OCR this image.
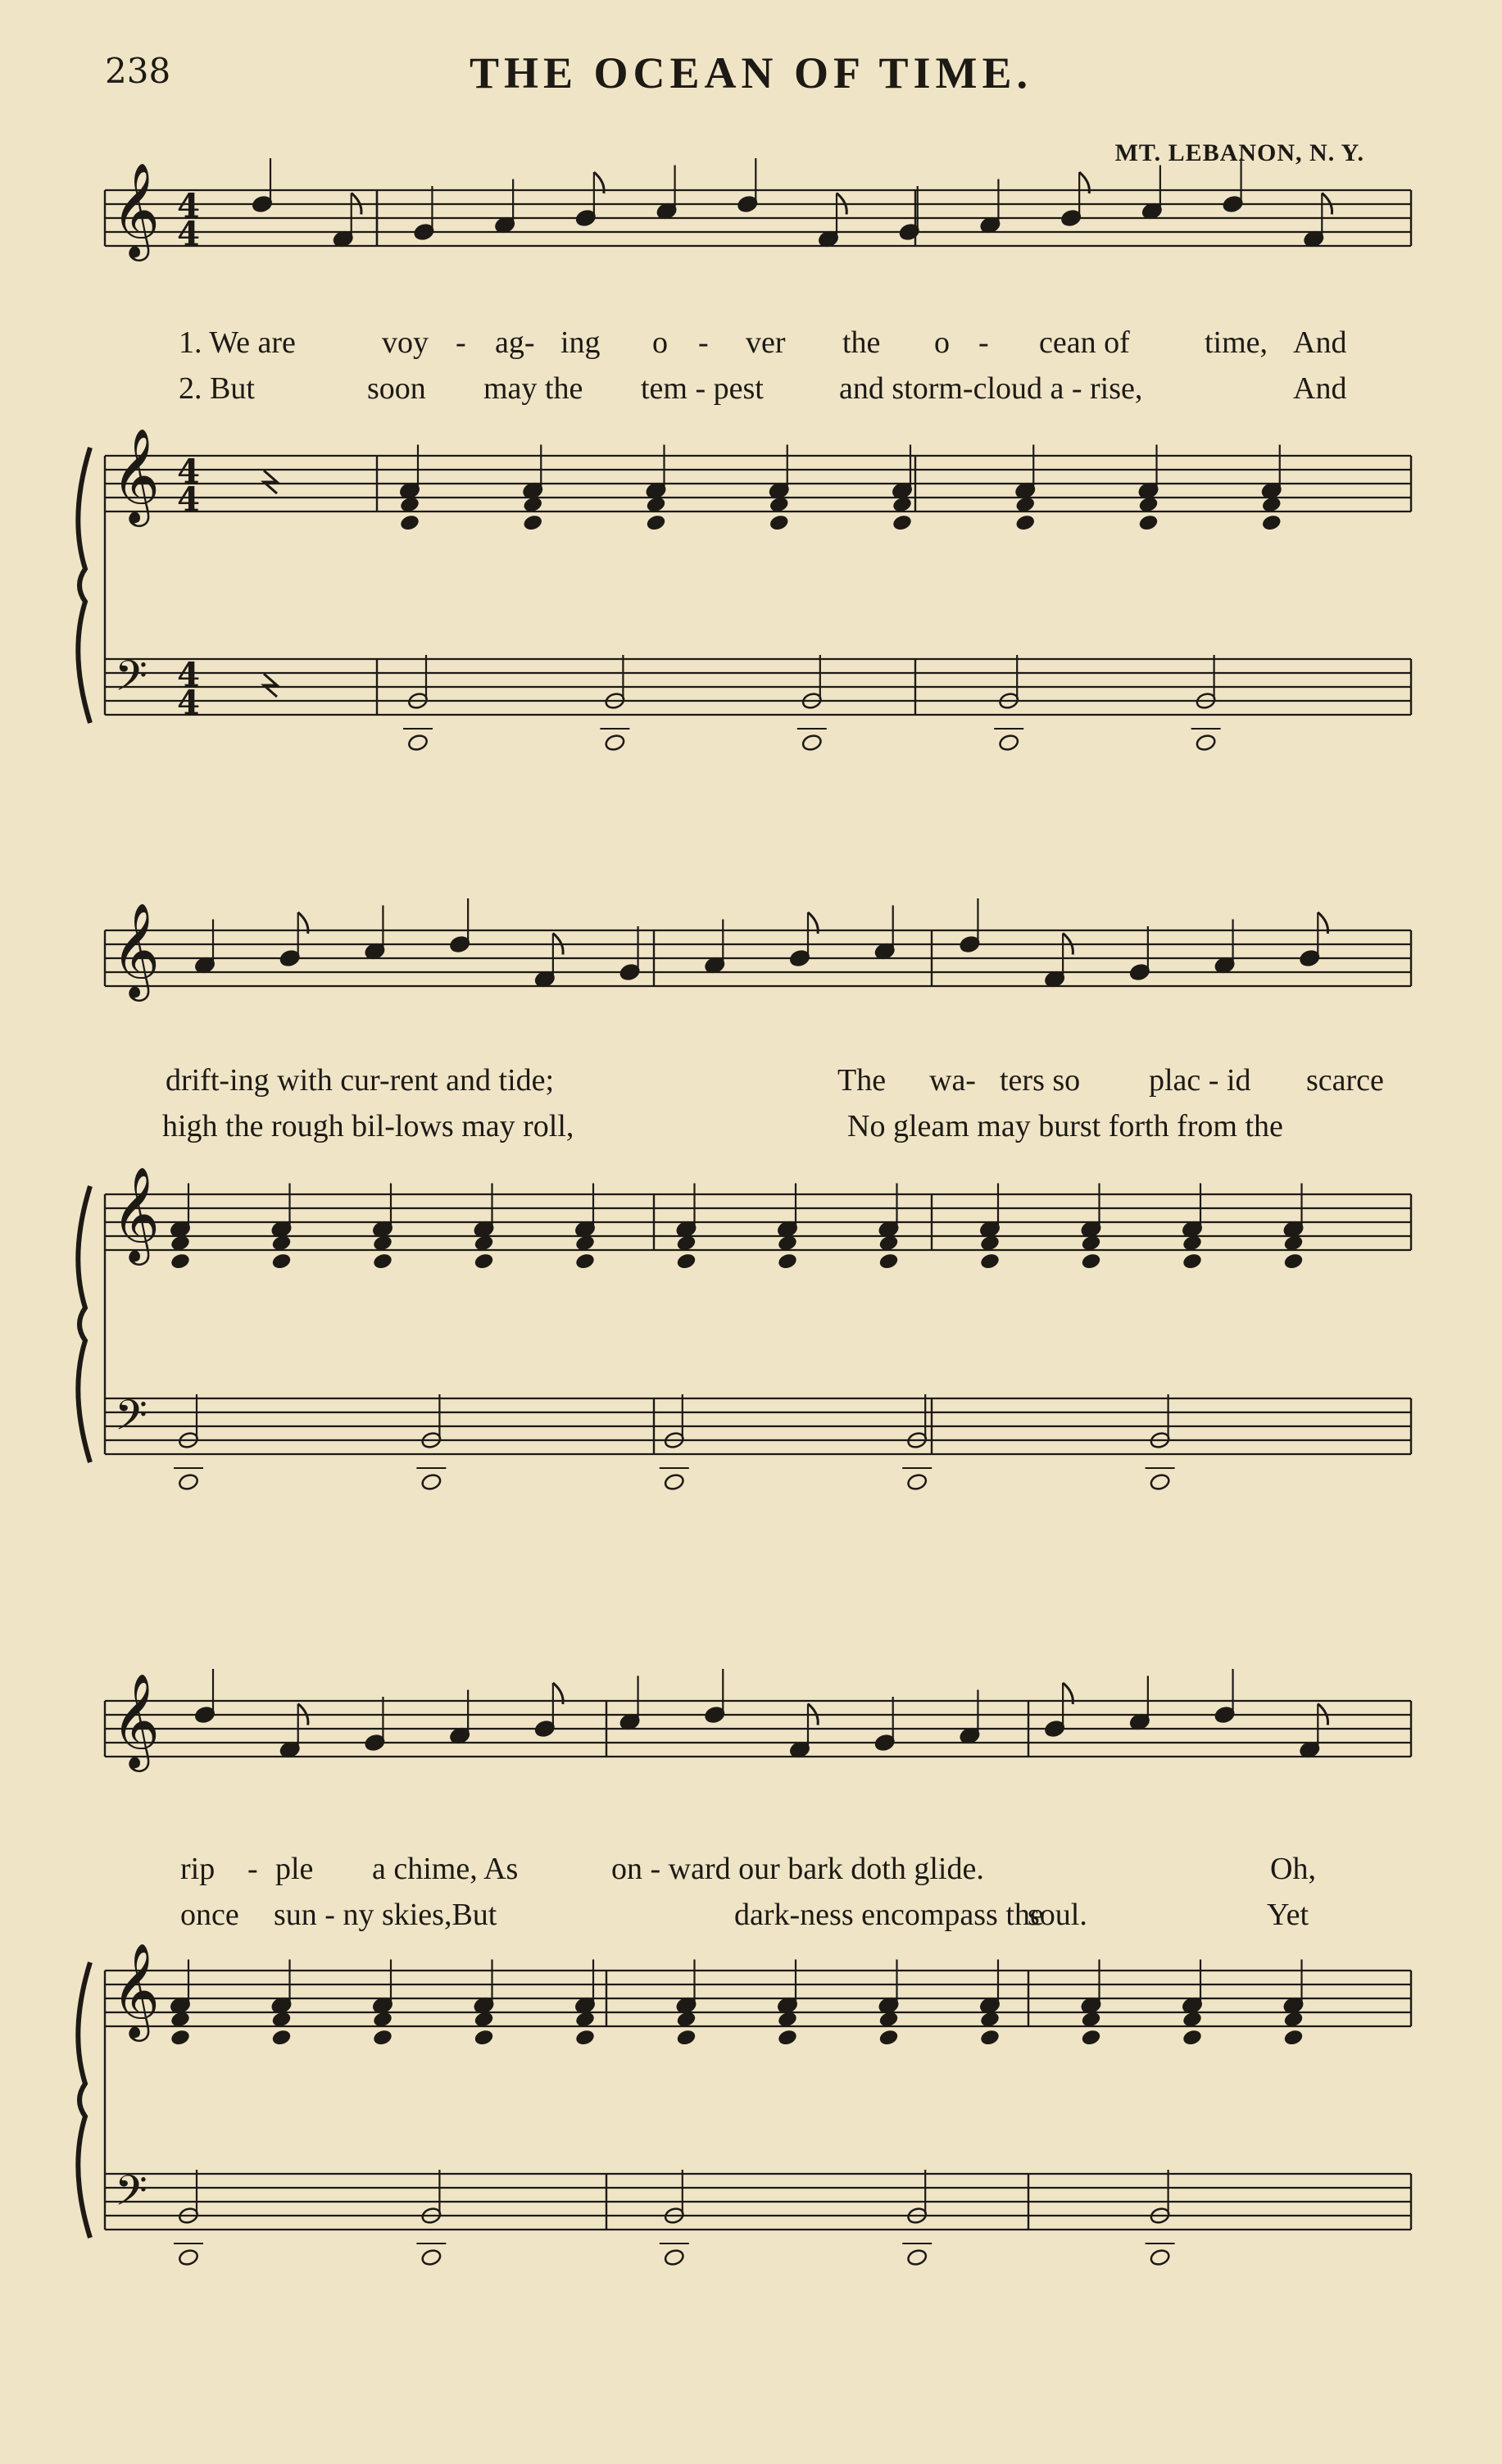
238	THE OCEAN OF TIME.
MT. LEBANON, N. Y.
𝄞
𝄞
𝄢
4
4
4
4
4
4
𝄞
𝄞
𝄢
𝄞
𝄞
𝄢
1. We are	voy - ag- ing o - ver the o - cean of time, And
2. But	soon may the tem - pest and storm-cloud a - rise,	And
drift-ing with cur-rent and tide;	The wa- ters so plac - id scarce
high the rough bil-lows may roll,	No gleam may burst forth from the
rip - ple a chime, As	on - ward our bark doth glide.	Oh,
once sun - ny skies,But	dark-ness encompass the
soul.	Yet
